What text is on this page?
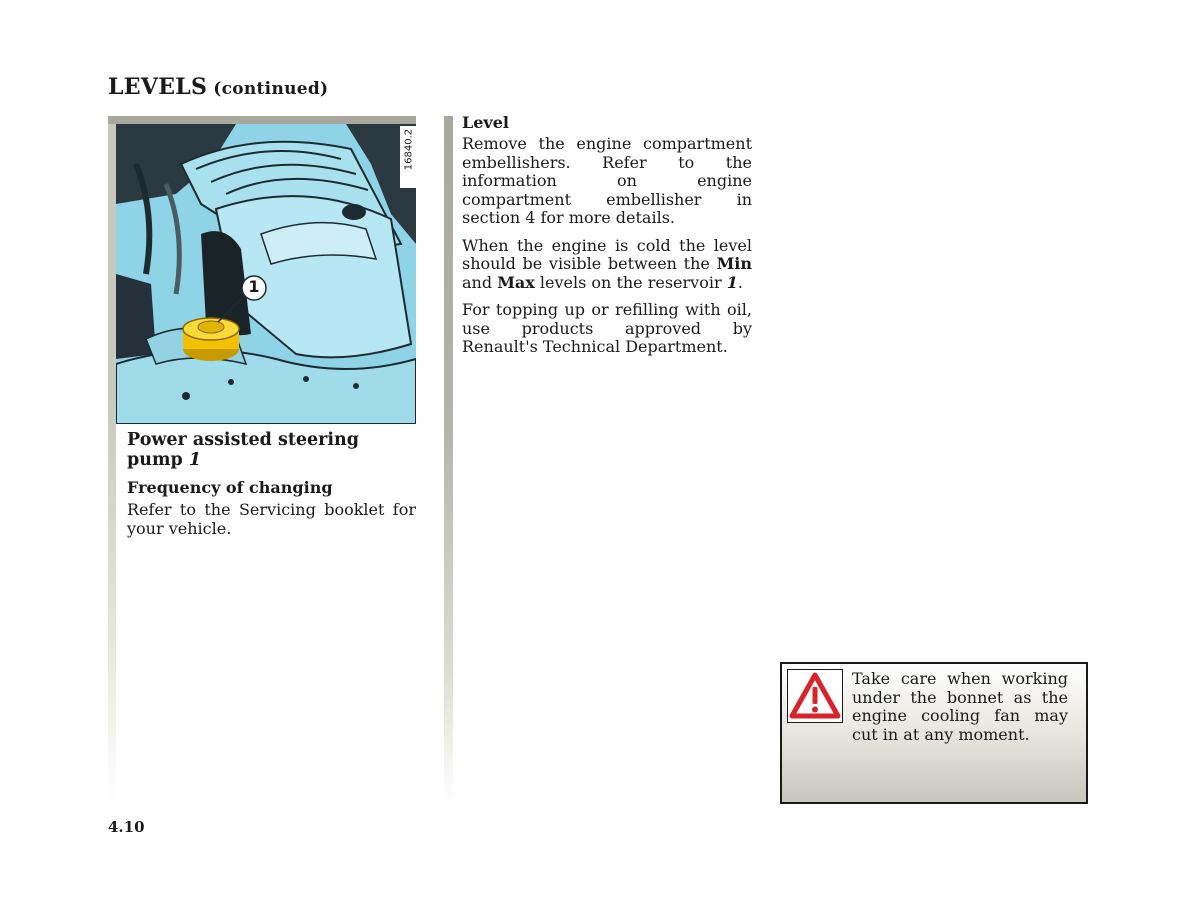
LEVELS (continued)
1
16840.2
Power assisted steering pump 1
Frequency of changing

Refer to the Servicing booklet for your vehicle.

Level

Remove the engine compartment embellishers. Refer to the information on engine compartment embellisher in section 4 for more details.

When the engine is cold the level should be visible between the Min and Max levels on the reservoir 1.

For topping up or refilling with oil, use products approved by Renault's Technical Department.

Take care when working under the bonnet as the engine cooling fan may cut in at any moment.
4.10
